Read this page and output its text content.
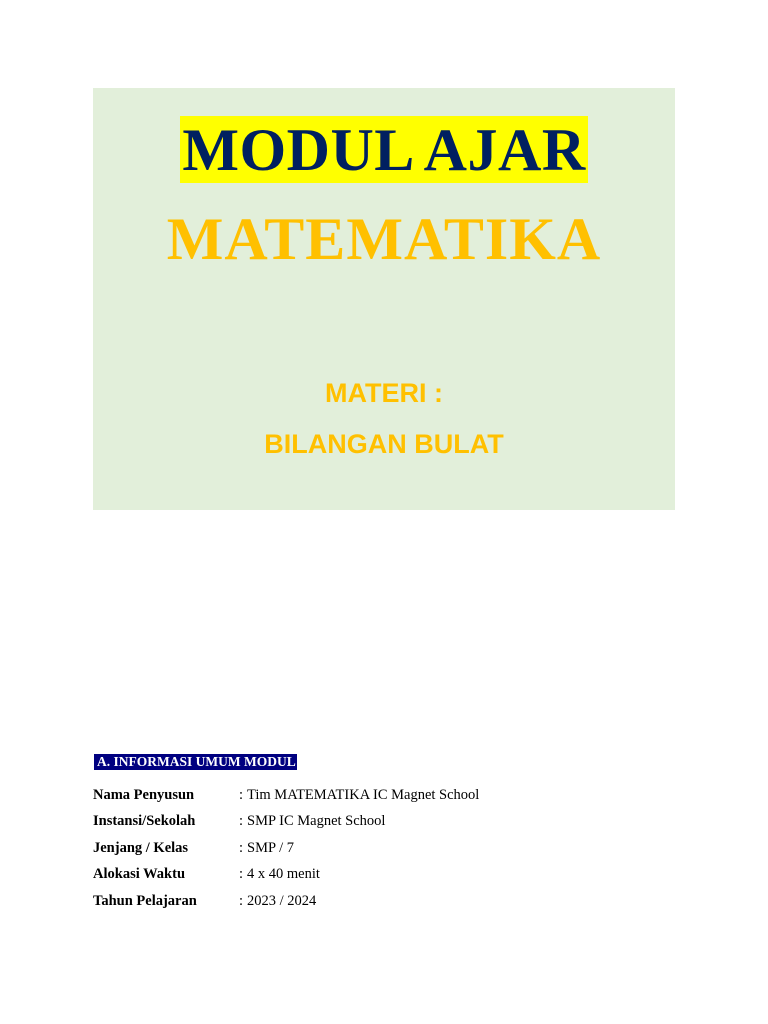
MODUL AJAR
MATEMATIKA
MATERI :
BILANGAN BULAT
A. INFORMASI UMUM MODUL
Nama Penyusun	: Tim MATEMATIKA IC Magnet School
Instansi/Sekolah	: SMP IC Magnet School
Jenjang / Kelas	: SMP / 7
Alokasi Waktu	: 4 x 40 menit
Tahun Pelajaran	: 2023 / 2024
